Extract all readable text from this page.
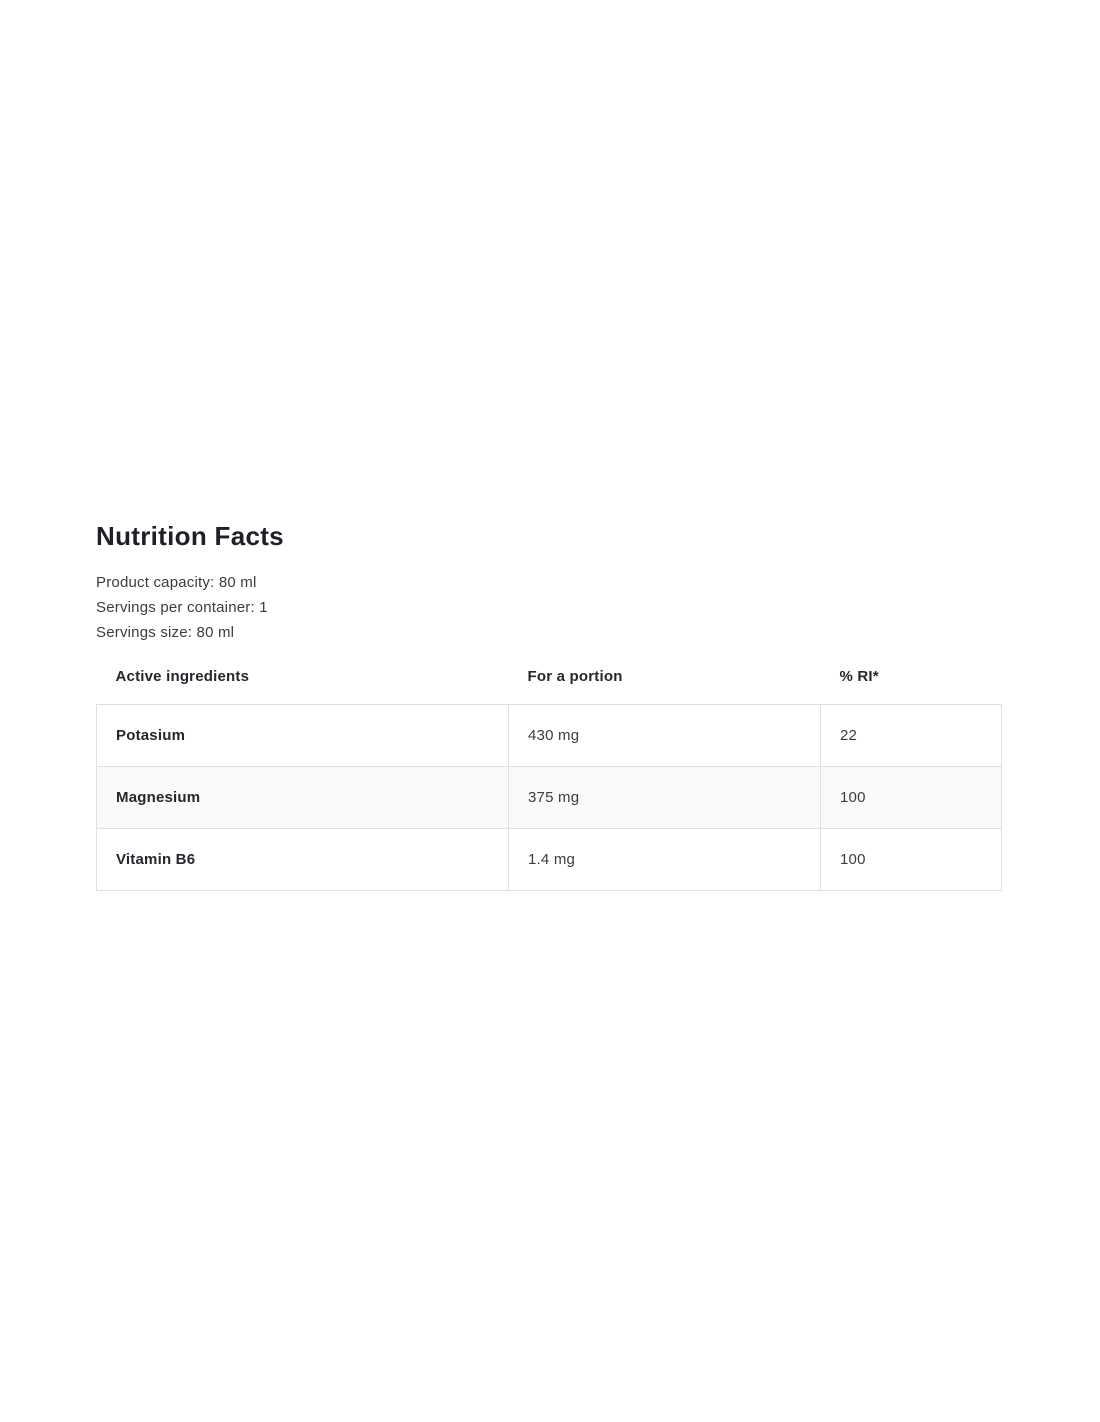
Nutrition Facts

Product capacity: 80 ml

Servings per container: 1

Servings size: 80 ml

Active ingredients	For a portion	% RI*
Potasium	430 mg	22
Magnesium	375 mg	100
Vitamin B6	1.4 mg	100
